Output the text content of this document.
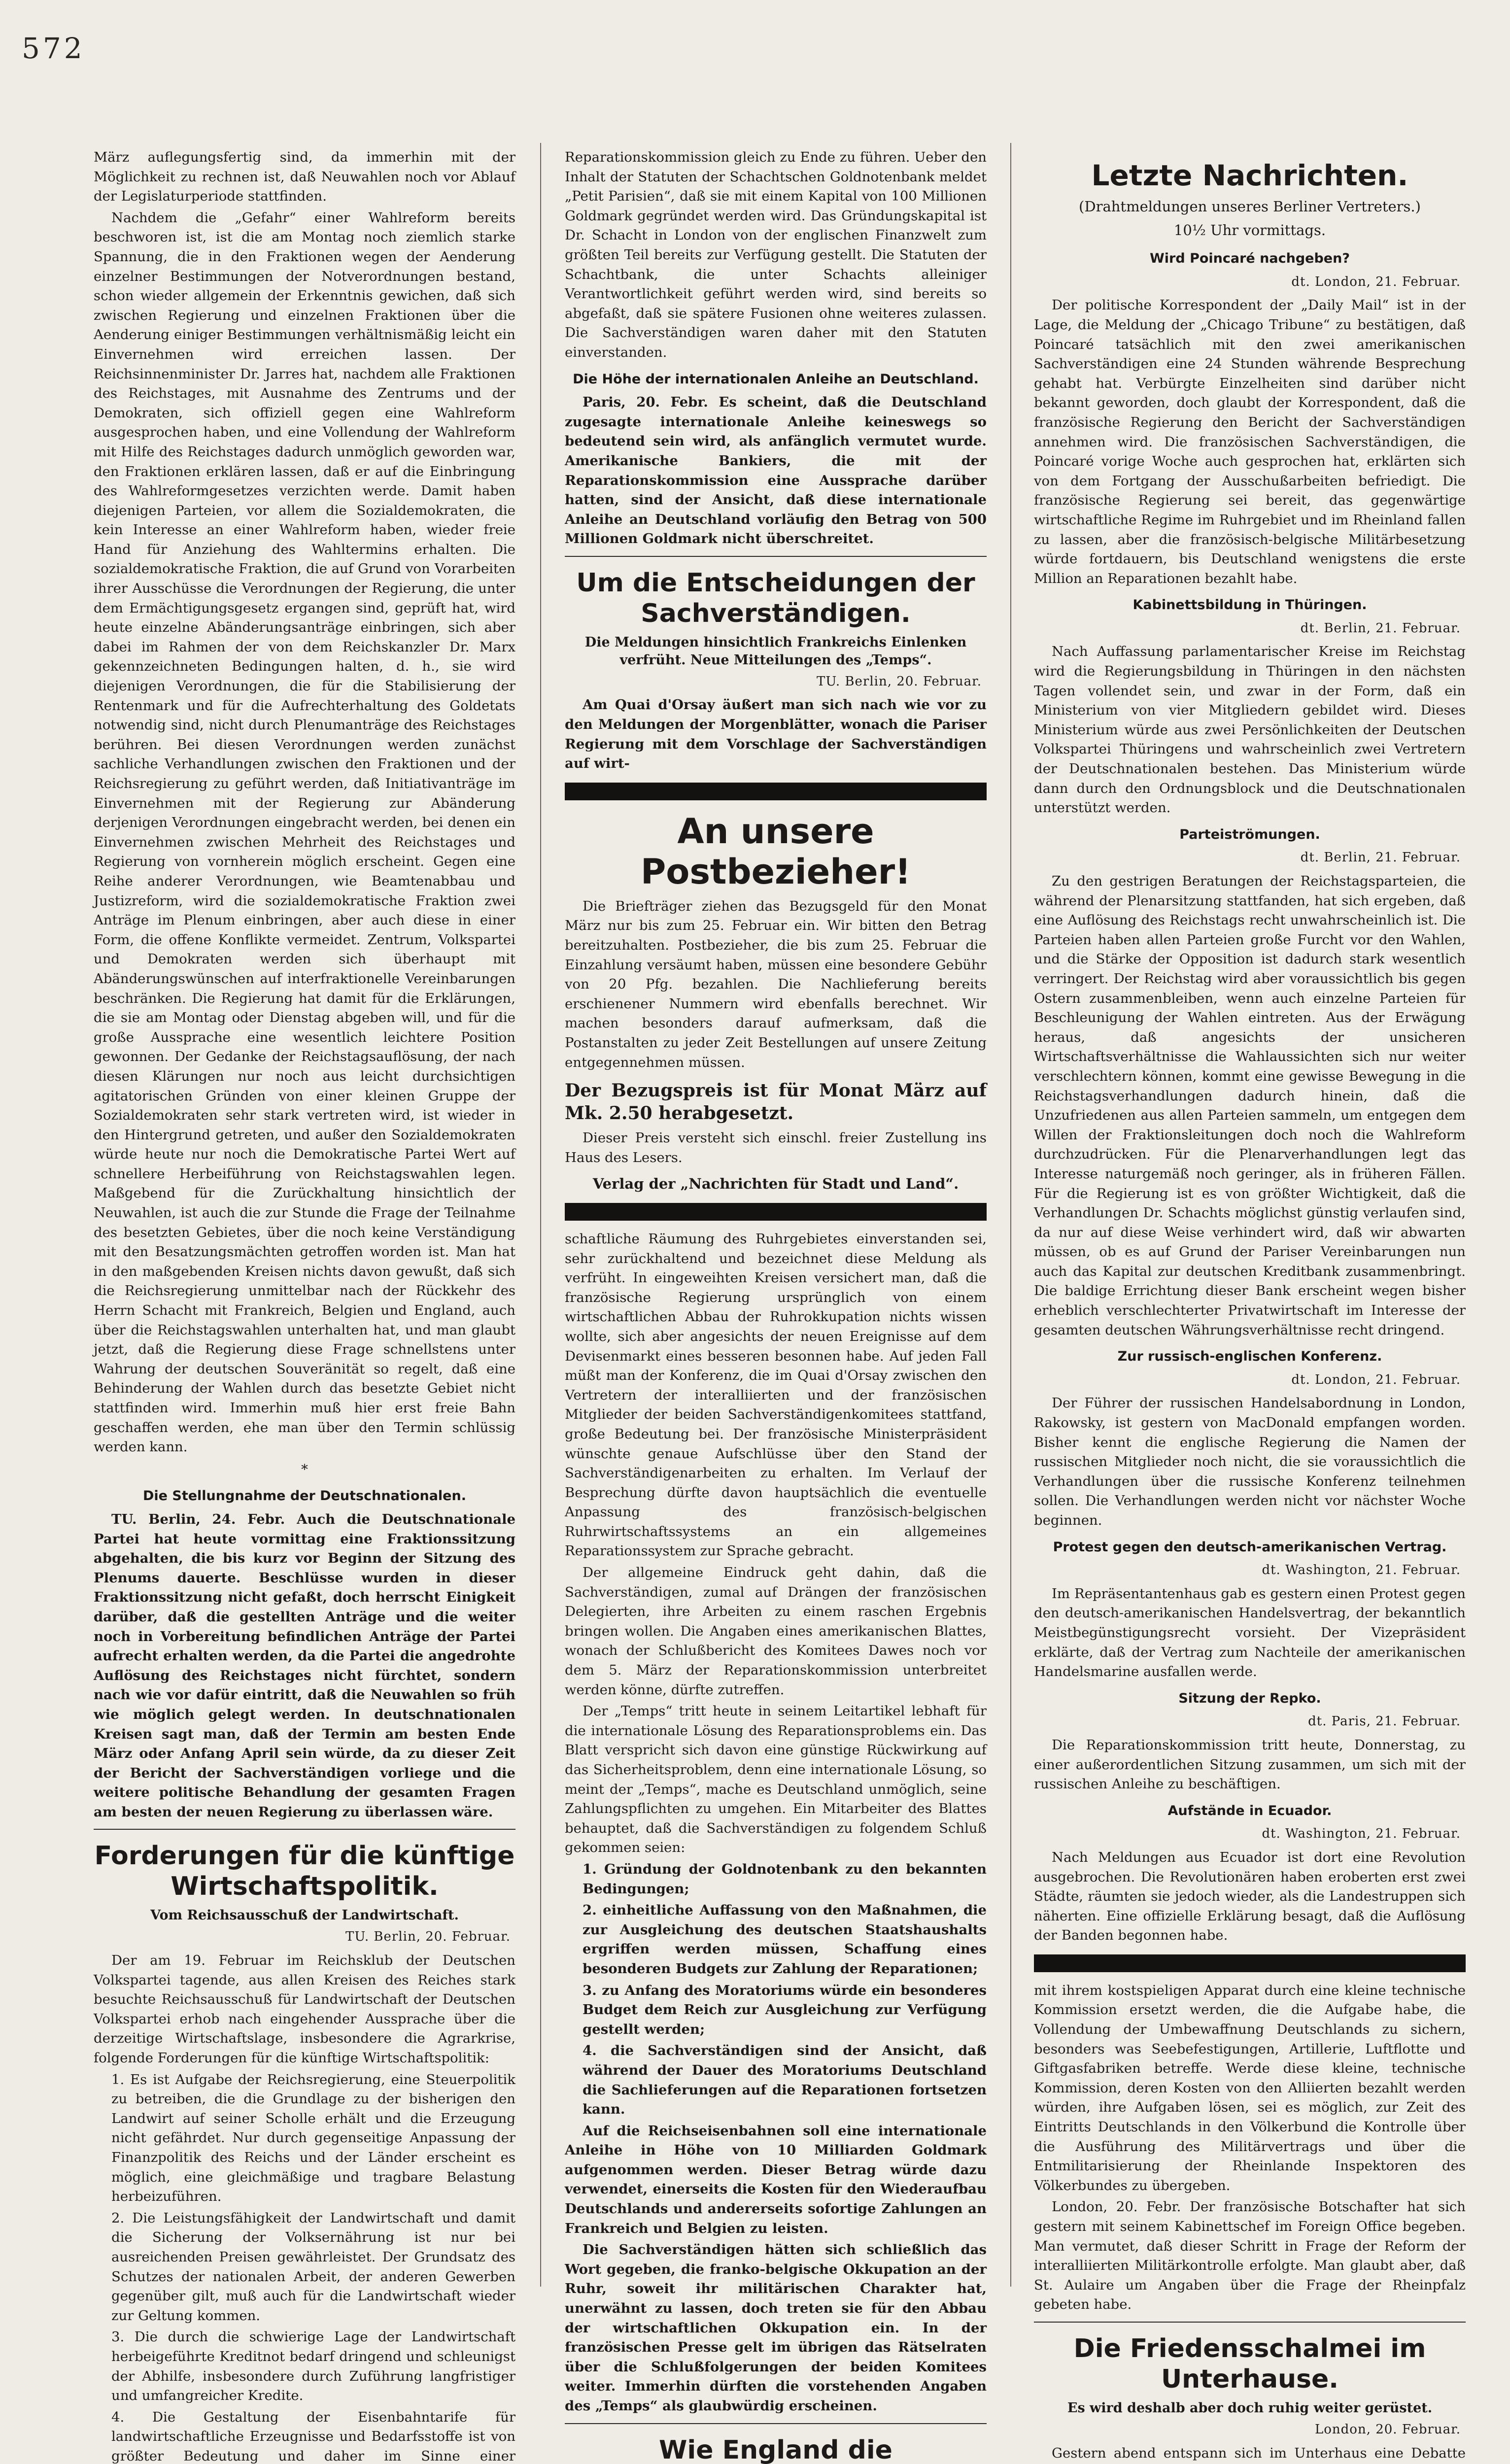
572

März auflegungsfertig sind, da immerhin mit der Möglichkeit zu rechnen ist, daß Neuwahlen noch vor Ablauf der Legislaturperiode stattfinden.

Nachdem die „Gefahr“ einer Wahlreform bereits beschworen ist, ist die am Montag noch ziemlich starke Spannung, die in den Fraktionen wegen der Aenderung einzelner Bestimmungen der Notverordnungen bestand, schon wieder allgemein der Erkenntnis gewichen, daß sich zwischen Regierung und einzelnen Fraktionen über die Aenderung einiger Bestimmungen verhältnismäßig leicht ein Einvernehmen wird erreichen lassen. Der Reichsinnenminister Dr. Jarres hat, nachdem alle Fraktionen des Reichstages, mit Ausnahme des Zentrums und der Demokraten, sich offiziell gegen eine Wahlreform ausgesprochen haben, und eine Vollendung der Wahlreform mit Hilfe des Reichstages dadurch unmöglich geworden war, den Fraktionen erklären lassen, daß er auf die Einbringung des Wahlreformgesetzes verzichten werde. Damit haben diejenigen Parteien, vor allem die Sozialdemokraten, die kein Interesse an einer Wahlreform haben, wieder freie Hand für Anziehung des Wahltermins erhalten. Die sozialdemokratische Fraktion, die auf Grund von Vorarbeiten ihrer Ausschüsse die Verordnungen der Regierung, die unter dem Ermächtigungsgesetz ergangen sind, geprüft hat, wird heute einzelne Abänderungsanträge einbringen, sich aber dabei im Rahmen der von dem Reichskanzler Dr. Marx gekennzeichneten Bedingungen halten, d. h., sie wird diejenigen Verordnungen, die für die Stabilisierung der Rentenmark und für die Aufrechterhaltung des Goldetats notwendig sind, nicht durch Plenumanträge des Reichstages berühren. Bei diesen Verordnungen werden zunächst sachliche Verhandlungen zwischen den Fraktionen und der Reichsregierung zu geführt werden, daß Initiativanträge im Einvernehmen mit der Regierung zur Abänderung derjenigen Verordnungen eingebracht werden, bei denen ein Einvernehmen zwischen Mehrheit des Reichstages und Regierung von vornherein möglich erscheint. Gegen eine Reihe anderer Verordnungen, wie Beamtenabbau und Justizreform, wird die sozialdemokratische Fraktion zwei Anträge im Plenum einbringen, aber auch diese in einer Form, die offene Konflikte vermeidet. Zentrum, Volkspartei und Demokraten werden sich überhaupt mit Abänderungswünschen auf interfraktionelle Vereinbarungen beschränken. Die Regierung hat damit für die Erklärungen, die sie am Montag oder Dienstag abgeben will, und für die große Aussprache eine wesentlich leichtere Position gewonnen. Der Gedanke der Reichstagsauflösung, der nach diesen Klärungen nur noch aus leicht durchsichtigen agitatorischen Gründen von einer kleinen Gruppe der Sozialdemokraten sehr stark vertreten wird, ist wieder in den Hintergrund getreten, und außer den Sozialdemokraten würde heute nur noch die Demokratische Partei Wert auf schnellere Herbeiführung von Reichstagswahlen legen. Maßgebend für die Zurückhaltung hinsichtlich der Neuwahlen, ist auch die zur Stunde die Frage der Teilnahme des besetzten Gebietes, über die noch keine Verständigung mit den Besatzungsmächten getroffen worden ist. Man hat in den maßgebenden Kreisen nichts davon gewußt, daß sich die Reichsregierung unmittelbar nach der Rückkehr des Herrn Schacht mit Frankreich, Belgien und England, auch über die Reichstagswahlen unterhalten hat, und man glaubt jetzt, daß die Regierung diese Frage schnellstens unter Wahrung der deutschen Souveränität so regelt, daß eine Behinderung der Wahlen durch das besetzte Gebiet nicht stattfinden wird. Immerhin muß hier erst freie Bahn geschaffen werden, ehe man über den Termin schlüssig werden kann.

*
Die Stellungnahme der Deutschnationalen.

TU. Berlin, 24. Febr. Auch die Deutschnationale Partei hat heute vormittag eine Fraktionssitzung abgehalten, die bis kurz vor Beginn der Sitzung des Plenums dauerte. Beschlüsse wurden in dieser Fraktionssitzung nicht gefaßt, doch herrscht Einigkeit darüber, daß die gestellten Anträge und die weiter noch in Vorbereitung befindlichen Anträge der Partei aufrecht erhalten werden, da die Partei die angedrohte Auflösung des Reichstages nicht fürchtet, sondern nach wie vor dafür eintritt, daß die Neuwahlen so früh wie möglich gelegt werden. In deutschnationalen Kreisen sagt man, daß der Termin am besten Ende März oder Anfang April sein würde, da zu dieser Zeit der Bericht der Sachverständigen vorliege und die weitere politische Behandlung der gesamten Fragen am besten der neuen Regierung zu überlassen wäre.

Forderungen für die künftige Wirtschaftspolitik.
Vom Reichsausschuß der Landwirtschaft.
TU. Berlin, 20. Februar.

Der am 19. Februar im Reichsklub der Deutschen Volkspartei tagende, aus allen Kreisen des Reiches stark besuchte Reichsausschuß für Landwirtschaft der Deutschen Volkspartei erhob nach eingehender Aussprache über die derzeitige Wirtschaftslage, insbesondere die Agrarkrise, folgende Forderungen für die künftige Wirtschaftspolitik:

1. Es ist Aufgabe der Reichsregierung, eine Steuerpolitik zu betreiben, die die Grundlage zu der bisherigen den Landwirt auf seiner Scholle erhält und die Erzeugung nicht gefährdet. Nur durch gegenseitige Anpassung der Finanzpolitik des Reichs und der Länder erscheint es möglich, eine gleichmäßige und tragbare Belastung herbeizuführen.

2. Die Leistungsfähigkeit der Landwirtschaft und damit die Sicherung der Volksernährung ist nur bei ausreichenden Preisen gewährleistet. Der Grundsatz des Schutzes der nationalen Arbeit, der anderen Gewerben gegenüber gilt, muß auch für die Landwirtschaft wieder zur Geltung kommen.

3. Die durch die schwierige Lage der Landwirtschaft herbeigeführte Kreditnot bedarf dringend und schleunigst der Abhilfe, insbesondere durch Zuführung langfristiger und umfangreicher Kredite.

4. Die Gestaltung der Eisenbahntarife für landwirtschaftliche Erzeugnisse und Bedarfsstoffe ist von größter Bedeutung und daher im Sinne einer

Reparationskommission gleich zu Ende zu führen. Ueber den Inhalt der Statuten der Schachtschen Goldnotenbank meldet „Petit Parisien“, daß sie mit einem Kapital von 100 Millionen Goldmark gegründet werden wird. Das Gründungskapital ist Dr. Schacht in London von der englischen Finanzwelt zum größten Teil bereits zur Verfügung gestellt. Die Statuten der Schachtbank, die unter Schachts alleiniger Verantwortlichkeit geführt werden wird, sind bereits so abgefaßt, daß sie spätere Fusionen ohne weiteres zulassen. Die Sachverständigen waren daher mit den Statuten einverstanden.

Die Höhe der internationalen Anleihe an Deutschland.

Paris, 20. Febr. Es scheint, daß die Deutschland zugesagte internationale Anleihe keineswegs so bedeutend sein wird, als anfänglich vermutet wurde. Amerikanische Bankiers, die mit der Reparationskommission eine Aussprache darüber hatten, sind der Ansicht, daß diese internationale Anleihe an Deutschland vorläufig den Betrag von 500 Millionen Goldmark nicht überschreitet.

Um die Entscheidungen der Sachverständigen.
Die Meldungen hinsichtlich Frankreichs Einlenken verfrüht. Neue Mitteilungen des „Temps“.
TU. Berlin, 20. Februar.

Am Quai d'Orsay äußert man sich nach wie vor zu den Meldungen der Morgenblätter, wonach die Pariser Regierung mit dem Vorschlage der Sachverständigen auf wirt-

An unsere Postbezieher!

Die Briefträger ziehen das Bezugsgeld für den Monat März nur bis zum 25. Februar ein. Wir bitten den Betrag bereitzuhalten. Postbezieher, die bis zum 25. Februar die Einzahlung versäumt haben, müssen eine besondere Gebühr von 20 Pfg. bezahlen. Die Nachlieferung bereits erschienener Nummern wird ebenfalls berechnet. Wir machen besonders darauf aufmerksam, daß die Postanstalten zu jeder Zeit Bestellungen auf unsere Zeitung entgegennehmen müssen.

Der Bezugspreis ist für Monat März auf Mk. 2.50 herabgesetzt.

Dieser Preis versteht sich einschl. freier Zustellung ins Haus des Lesers.

Verlag der „Nachrichten für Stadt und Land“.

schaftliche Räumung des Ruhrgebietes einverstanden sei, sehr zurückhaltend und bezeichnet diese Meldung als verfrüht. In eingeweihten Kreisen versichert man, daß die französische Regierung ursprünglich von einem wirtschaftlichen Abbau der Ruhrokkupation nichts wissen wollte, sich aber angesichts der neuen Ereignisse auf dem Devisenmarkt eines besseren besonnen habe. Auf jeden Fall müßt man der Konferenz, die im Quai d'Orsay zwischen den Vertretern der interalliierten und der französischen Mitglieder der beiden Sachverständigenkomitees stattfand, große Bedeutung bei. Der französische Ministerpräsident wünschte genaue Aufschlüsse über den Stand der Sachverständigenarbeiten zu erhalten. Im Verlauf der Besprechung dürfte davon hauptsächlich die eventuelle Anpassung des französisch-belgischen Ruhrwirtschaftssystems an ein allgemeines Reparationssystem zur Sprache gebracht.

Der allgemeine Eindruck geht dahin, daß die Sachverständigen, zumal auf Drängen der französischen Delegierten, ihre Arbeiten zu einem raschen Ergebnis bringen wollen. Die Angaben eines amerikanischen Blattes, wonach der Schlußbericht des Komitees Dawes noch vor dem 5. März der Reparationskommission unterbreitet werden könne, dürfte zutreffen.

Der „Temps“ tritt heute in seinem Leitartikel lebhaft für die internationale Lösung des Reparationsproblems ein. Das Blatt verspricht sich davon eine günstige Rückwirkung auf das Sicherheitsproblem, denn eine internationale Lösung, so meint der „Temps“, mache es Deutschland unmöglich, seine Zahlungspflichten zu umgehen. Ein Mitarbeiter des Blattes behauptet, daß die Sachverständigen zu folgendem Schluß gekommen seien:

1. Gründung der Goldnotenbank zu den bekannten Bedingungen;

2. einheitliche Auffassung von den Maßnahmen, die zur Ausgleichung des deutschen Staatshaushalts ergriffen werden müssen, Schaffung eines besonderen Budgets zur Zahlung der Reparationen;

3. zu Anfang des Moratoriums würde ein besonderes Budget dem Reich zur Ausgleichung zur Verfügung gestellt werden;

4. die Sachverständigen sind der Ansicht, daß während der Dauer des Moratoriums Deutschland die Sachlieferungen auf die Reparationen fortsetzen kann.

Auf die Reichseisenbahnen soll eine internationale Anleihe in Höhe von 10 Milliarden Goldmark aufgenommen werden. Dieser Betrag würde dazu verwendet, einerseits die Kosten für den Wiederaufbau Deutschlands und andererseits sofortige Zahlungen an Frankreich und Belgien zu leisten.

Die Sachverständigen hätten sich schließlich das Wort gegeben, die franko-belgische Okkupation an der Ruhr, soweit ihr militärischen Charakter hat, unerwähnt zu lassen, doch treten sie für den Abbau der wirtschaftlichen Okkupation ein. In der französischen Presse gelt im übrigen das Rätselraten über die Schlußfolgerungen der beiden Komitees weiter. Immerhin dürften die vorstehenden Angaben des „Temps“ als glaubwürdig erscheinen.

Wie England die

Letzte Nachrichten.
(Drahtmeldungen unseres Berliner Vertreters.)
10½ Uhr vormittags.
Wird Poincaré nachgeben?
dt. London, 21. Februar.

Der politische Korrespondent der „Daily Mail“ ist in der Lage, die Meldung der „Chicago Tribune“ zu bestätigen, daß Poincaré tatsächlich mit den zwei amerikanischen Sachverständigen eine 24 Stunden währende Besprechung gehabt hat. Verbürgte Einzelheiten sind darüber nicht bekannt geworden, doch glaubt der Korrespondent, daß die französische Regierung den Bericht der Sachverständigen annehmen wird. Die französischen Sachverständigen, die Poincaré vorige Woche auch gesprochen hat, erklärten sich von dem Fortgang der Ausschußarbeiten befriedigt. Die französische Regierung sei bereit, das gegenwärtige wirtschaftliche Regime im Ruhrgebiet und im Rheinland fallen zu lassen, aber die französisch-belgische Militärbesetzung würde fortdauern, bis Deutschland wenigstens die erste Million an Reparationen bezahlt habe.

Kabinettsbildung in Thüringen.
dt. Berlin, 21. Februar.

Nach Auffassung parlamentarischer Kreise im Reichstag wird die Regierungsbildung in Thüringen in den nächsten Tagen vollendet sein, und zwar in der Form, daß ein Ministerium von vier Mitgliedern gebildet wird. Dieses Ministerium würde aus zwei Persönlichkeiten der Deutschen Volkspartei Thüringens und wahrscheinlich zwei Vertretern der Deutschnationalen bestehen. Das Ministerium würde dann durch den Ordnungsblock und die Deutschnationalen unterstützt werden.

Parteiströmungen.
dt. Berlin, 21. Februar.

Zu den gestrigen Beratungen der Reichstagsparteien, die während der Plenarsitzung stattfanden, hat sich ergeben, daß eine Auflösung des Reichstags recht unwahrscheinlich ist. Die Parteien haben allen Parteien große Furcht vor den Wahlen, und die Stärke der Opposition ist dadurch stark wesentlich verringert. Der Reichstag wird aber voraussichtlich bis gegen Ostern zusammenbleiben, wenn auch einzelne Parteien für Beschleunigung der Wahlen eintreten. Aus der Erwägung heraus, daß angesichts der unsicheren Wirtschaftsverhältnisse die Wahlaussichten sich nur weiter verschlechtern können, kommt eine gewisse Bewegung in die Reichstagsverhandlungen dadurch hinein, daß die Unzufriedenen aus allen Parteien sammeln, um entgegen dem Willen der Fraktionsleitungen doch noch die Wahlreform durchzudrücken. Für die Plenarverhandlungen legt das Interesse naturgemäß noch geringer, als in früheren Fällen. Für die Regierung ist es von größter Wichtigkeit, daß die Verhandlungen Dr. Schachts möglichst günstig verlaufen sind, da nur auf diese Weise verhindert wird, daß wir abwarten müssen, ob es auf Grund der Pariser Vereinbarungen nun auch das Kapital zur deutschen Kreditbank zusammenbringt. Die baldige Errichtung dieser Bank erscheint wegen bisher erheblich verschlechterter Privatwirtschaft im Interesse der gesamten deutschen Währungsverhältnisse recht dringend.

Zur russisch-englischen Konferenz.
dt. London, 21. Februar.

Der Führer der russischen Handelsabordnung in London, Rakowsky, ist gestern von MacDonald empfangen worden. Bisher kennt die englische Regierung die Namen der russischen Mitglieder noch nicht, die sie voraussichtlich die Verhandlungen über die russische Konferenz teilnehmen sollen. Die Verhandlungen werden nicht vor nächster Woche beginnen.

Protest gegen den deutsch-amerikanischen Vertrag.
dt. Washington, 21. Februar.

Im Repräsentantenhaus gab es gestern einen Protest gegen den deutsch-amerikanischen Handelsvertrag, der bekanntlich Meistbegünstigungsrecht vorsieht. Der Vizepräsident erklärte, daß der Vertrag zum Nachteile der amerikanischen Handelsmarine ausfallen werde.

Sitzung der Repko.
dt. Paris, 21. Februar.

Die Reparationskommission tritt heute, Donnerstag, zu einer außerordentlichen Sitzung zusammen, um sich mit der russischen Anleihe zu beschäftigen.

Aufstände in Ecuador.
dt. Washington, 21. Februar.

Nach Meldungen aus Ecuador ist dort eine Revolution ausgebrochen. Die Revolutionären haben eroberten erst zwei Städte, räumten sie jedoch wieder, als die Landestruppen sich näherten. Eine offizielle Erklärung besagt, daß die Auflösung der Banden begonnen habe.

mit ihrem kostspieligen Apparat durch eine kleine technische Kommission ersetzt werden, die die Aufgabe habe, die Vollendung der Umbewaffnung Deutschlands zu sichern, besonders was Seebefestigungen, Artillerie, Luftflotte und Giftgasfabriken betreffe. Werde diese kleine, technische Kommission, deren Kosten von den Alliierten bezahlt werden würden, ihre Aufgaben lösen, sei es möglich, zur Zeit des Eintritts Deutschlands in den Völkerbund die Kontrolle über die Ausführung des Militärvertrags und über die Entmilitarisierung der Rheinlande Inspektoren des Völkerbundes zu übergeben.

London, 20. Febr. Der französische Botschafter hat sich gestern mit seinem Kabinettschef im Foreign Office begeben. Man vermutet, daß dieser Schritt in Frage der Reform der interalliierten Militärkontrolle erfolgte. Man glaubt aber, daß St. Aulaire um Angaben über die Frage der Rheinpfalz gebeten habe.

Die Friedensschalmei im Unterhause.
Es wird deshalb aber doch ruhig weiter gerüstet.
London, 20. Februar.

Gestern abend entspann sich im Unterhaus eine Debatte
